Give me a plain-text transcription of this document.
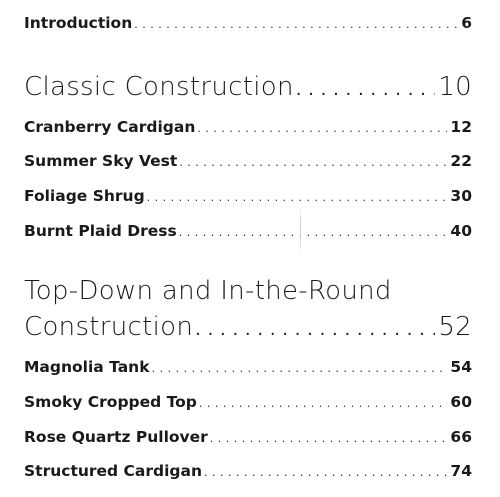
Introduction . . .	6
Classic Construction . . .	10
Cranberry Cardigan . . .	12
Summer Sky Vest . . .	22
Foliage Shrug . . .	30
Burnt Plaid Dress . . .	40
Top-Down and In-the-Round
Construction . . .	52
Magnolia Tank . . .	54
Smoky Cropped Top . . .	60
Rose Quartz Pullover . . .	66
Structured Cardigan . . .	74
